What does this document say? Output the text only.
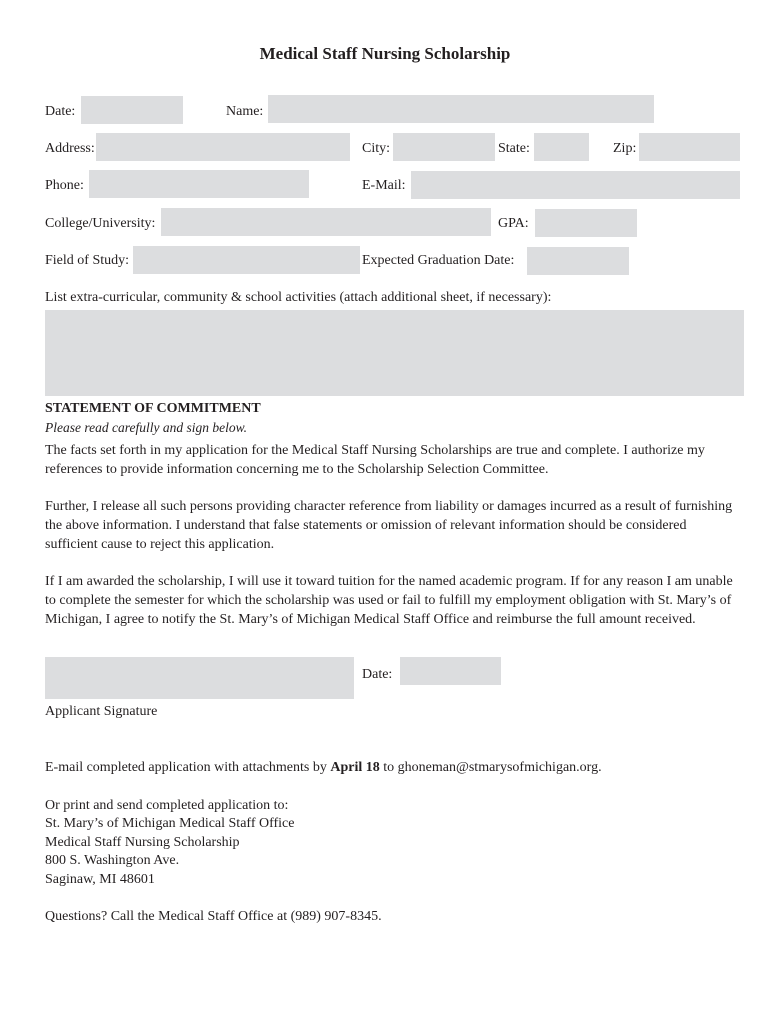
Medical Staff Nursing Scholarship
Date:	Name:
Address:	City:	State:	Zip:
Phone:	E-Mail:
College/University:	GPA:
Field of Study:	Expected Graduation Date:
List extra-curricular, community & school activities (attach additional sheet, if necessary):
STATEMENT OF COMMITMENT
Please read carefully and sign below.
The facts set forth in my application for the Medical Staff Nursing Scholarships are true and complete. I authorize my references to provide information concerning me to the Scholarship Selection Committee.
Further, I release all such persons providing character reference from liability or damages incurred as a result of furnishing the above information. I understand that false statements or omission of relevant information should be considered sufficient cause to reject this application.
If I am awarded the scholarship, I will use it toward tuition for the named academic program. If for any reason I am unable to complete the semester for which the scholarship was used or fail to fulfill my employment obligation with St. Mary’s of Michigan, I agree to notify the St. Mary’s of Michigan Medical Staff Office and reimburse the full amount received.
Date:
Applicant Signature
E-mail completed application with attachments by April 18 to ghoneman@stmarysofmichigan.org.
Or print and send completed application to:
St. Mary’s of Michigan Medical Staff Office
Medical Staff Nursing Scholarship
800 S. Washington Ave.
Saginaw, MI 48601
Questions? Call the Medical Staff Office at (989) 907-8345.
